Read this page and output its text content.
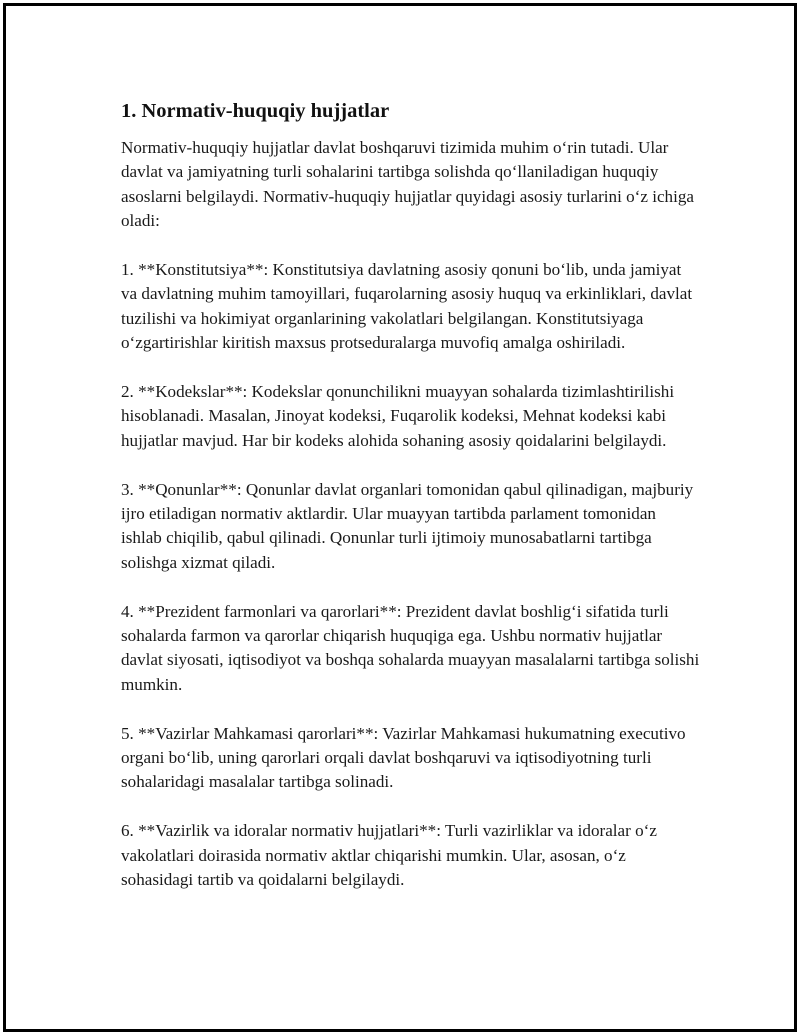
1. Normativ-huquqiy hujjatlar

Normativ-huquqiy hujjatlar davlat boshqaruvi tizimida muhim o‘rin tutadi. Ular davlat va jamiyatning turli sohalarini tartibga solishda qo‘llaniladigan huquqiy asoslarni belgilaydi. Normativ-huquqiy hujjatlar quyidagi asosiy turlarini o‘z ichiga oladi:

1. **Konstitutsiya**: Konstitutsiya davlatning asosiy qonuni bo‘lib, unda jamiyat va davlatning muhim tamoyillari, fuqarolarning asosiy huquq va erkinliklari, davlat tuzilishi va hokimiyat organlarining vakolatlari belgilangan. Konstitutsiyaga o‘zgartirishlar kiritish maxsus protseduralarga muvofiq amalga oshiriladi.

2. **Kodekslar**: Kodekslar qonunchilikni muayyan sohalarda tizimlashtirilishi hisoblanadi. Masalan, Jinoyat kodeksi, Fuqarolik kodeksi, Mehnat kodeksi kabi hujjatlar mavjud. Har bir kodeks alohida sohaning asosiy qoidalarini belgilaydi.

3. **Qonunlar**: Qonunlar davlat organlari tomonidan qabul qilinadigan, majburiy ijro etiladigan normativ aktlardir. Ular muayyan tartibda parlament tomonidan ishlab chiqilib, qabul qilinadi. Qonunlar turli ijtimoiy munosabatlarni tartibga solishga xizmat qiladi.

4. **Prezident farmonlari va qarorlari**: Prezident davlat boshlig‘i sifatida turli sohalarda farmon va qarorlar chiqarish huquqiga ega. Ushbu normativ hujjatlar davlat siyosati, iqtisodiyot va boshqa sohalarda muayyan masalalarni tartibga solishi mumkin.

5. **Vazirlar Mahkamasi qarorlari**: Vazirlar Mahkamasi hukumatning executivo organi bo‘lib, uning qarorlari orqali davlat boshqaruvi va iqtisodiyotning turli sohalaridagi masalalar tartibga solinadi.

6. **Vazirlik va idoralar normativ hujjatlari**: Turli vazirliklar va idoralar o‘z vakolatlari doirasida normativ aktlar chiqarishi mumkin. Ular, asosan, o‘z sohasidagi tartib va qoidalarni belgilaydi.
